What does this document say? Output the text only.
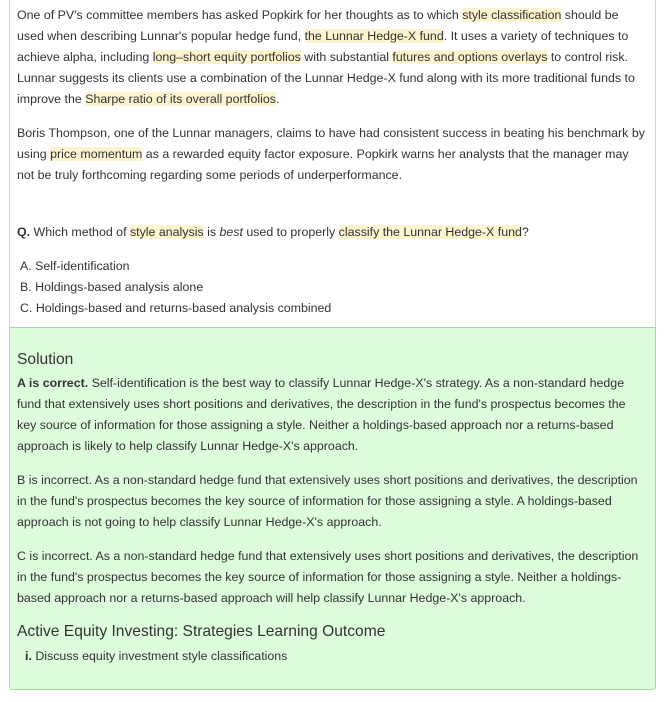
One of PV's committee members has asked Popkirk for her thoughts as to which style classification should be used when describing Lunnar's popular hedge fund, the Lunnar Hedge-X fund. It uses a variety of techniques to achieve alpha, including long–short equity portfolios with substantial futures and options overlays to control risk. Lunnar suggests its clients use a combination of the Lunnar Hedge-X fund along with its more traditional funds to improve the Sharpe ratio of its overall portfolios.

Boris Thompson, one of the Lunnar managers, claims to have had consistent success in beating his benchmark by using price momentum as a rewarded equity factor exposure. Popkirk warns her analysts that the manager may not be truly forthcoming regarding some periods of underperformance.

Q. Which method of style analysis is best used to properly classify the Lunnar Hedge-X fund?

A. Self-identification
B. Holdings-based analysis alone
C. Holdings-based and returns-based analysis combined
Solution

A is correct. Self-identification is the best way to classify Lunnar Hedge-X's strategy. As a non-standard hedge fund that extensively uses short positions and derivatives, the description in the fund's prospectus becomes the key source of information for those assigning a style. Neither a holdings-based approach nor a returns-based approach is likely to help classify Lunnar Hedge-X's approach.

B is incorrect. As a non-standard hedge fund that extensively uses short positions and derivatives, the description in the fund's prospectus becomes the key source of information for those assigning a style. A holdings-based approach is not going to help classify Lunnar Hedge-X's approach.

C is incorrect. As a non-standard hedge fund that extensively uses short positions and derivatives, the description in the fund's prospectus becomes the key source of information for those assigning a style. Neither a holdings-based approach nor a returns-based approach will help classify Lunnar Hedge-X's approach.

Active Equity Investing: Strategies Learning Outcome
i. Discuss equity investment style classifications
